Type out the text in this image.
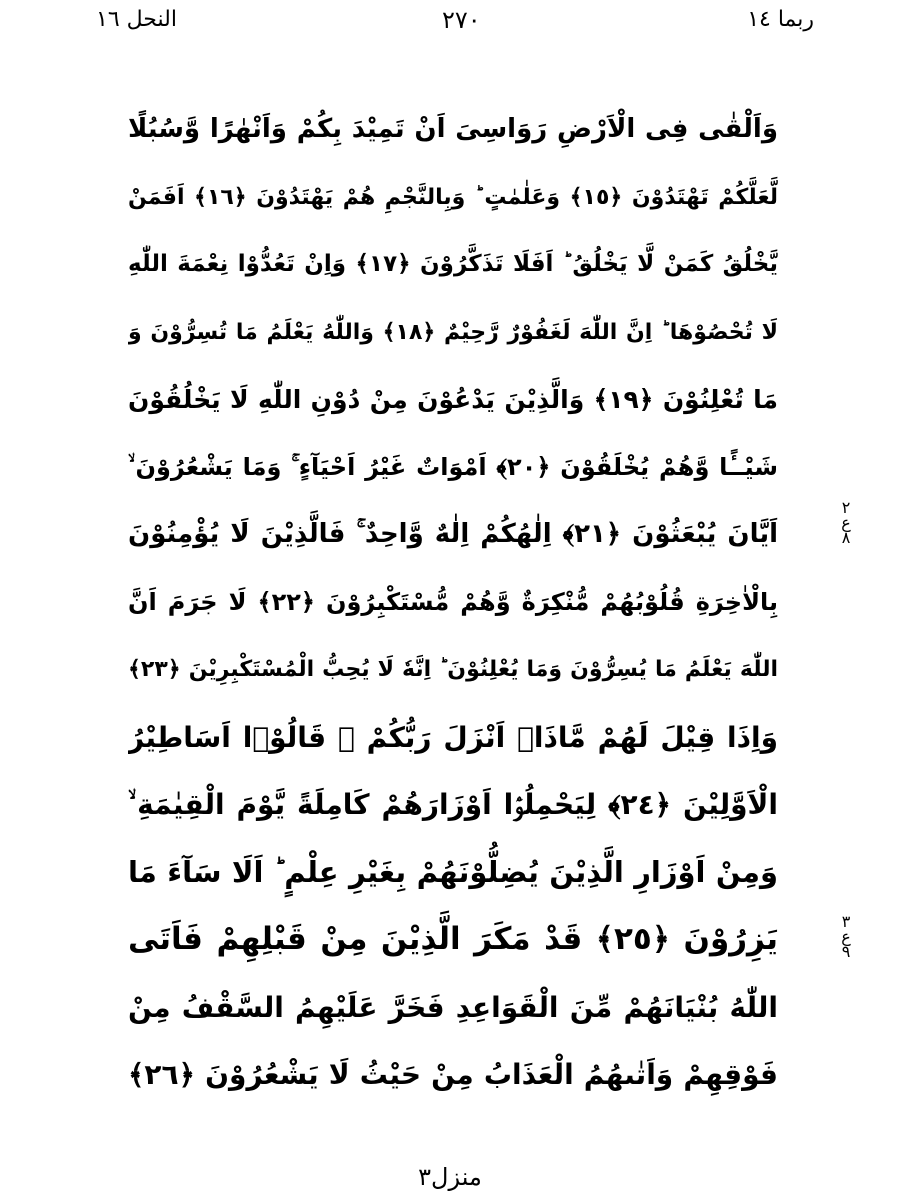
النحل ١٦	٢٧٠	ربما ١٤
وَاَلْقٰى فِی الْاَرْضِ رَوَاسِیَ اَنْ تَمِیْدَ بِكُمْ وَاَنْهٰرًا وَّسُبُلًا
لَّعَلَّكُمْ تَهْتَدُوْنَ ﴿١٥﴾ وَعَلٰمٰتٍ ؕ وَبِالنَّجْمِ هُمْ یَهْتَدُوْنَ ﴿١٦﴾ اَفَمَنْ
یَّخْلُقُ كَمَنْ لَّا یَخْلُقُ ؕ اَفَلَا تَذَكَّرُوْنَ ﴿١٧﴾ وَاِنْ تَعُدُّوْا نِعْمَةَ اللّٰهِ
لَا تُحْصُوْهَا ؕ اِنَّ اللّٰهَ لَغَفُوْرٌ رَّحِیْمٌ ﴿١٨﴾ وَاللّٰهُ یَعْلَمُ مَا تُسِرُّوْنَ وَ
مَا تُعْلِنُوْنَ ﴿١٩﴾ وَالَّذِیْنَ یَدْعُوْنَ مِنْ دُوْنِ اللّٰهِ لَا یَخْلُقُوْنَ
شَیْــًٔا وَّهُمْ یُخْلَقُوْنَ ﴿٢٠﴾ اَمْوَاتٌ غَیْرُ اَحْیَآءٍ ۚ وَمَا یَشْعُرُوْنَ ۙ
اَیَّانَ یُبْعَثُوْنَ ﴿٢١﴾ اِلٰهُكُمْ اِلٰهٌ وَّاحِدٌ ۚ فَالَّذِیْنَ لَا یُؤْمِنُوْنَ
بِالْاٰخِرَةِ قُلُوْبُهُمْ مُّنْكِرَةٌ وَّهُمْ مُّسْتَكْبِرُوْنَ ﴿٢٢﴾ لَا جَرَمَ اَنَّ
اللّٰهَ یَعْلَمُ مَا یُسِرُّوْنَ وَمَا یُعْلِنُوْنَ ؕ اِنَّهٗ لَا یُحِبُّ الْمُسْتَكْبِرِیْنَ ﴿٢٣﴾
وَاِذَا قِیْلَ لَهُمْ مَّاذَاۤ اَنْزَلَ رَبُّكُمْ ۙ قَالُوْۤا اَسَاطِیْرُ
الْاَوَّلِیْنَ ﴿٢٤﴾ لِیَحْمِلُوْۤا اَوْزَارَهُمْ كَامِلَةً یَّوْمَ الْقِیٰمَةِ ۙ
وَمِنْ اَوْزَارِ الَّذِیْنَ یُضِلُّوْنَهُمْ بِغَیْرِ عِلْمٍ ؕ اَلَا سَآءَ مَا
یَزِرُوْنَ ﴿٢٥﴾ قَدْ مَكَرَ الَّذِیْنَ مِنْ قَبْلِهِمْ فَاَتَى
اللّٰهُ بُنْیَانَهُمْ مِّنَ الْقَوَاعِدِ فَخَرَّ عَلَیْهِمُ السَّقْفُ مِنْ
فَوْقِهِمْ وَاَتٰىهُمُ الْعَذَابُ مِنْ حَیْثُ لَا یَشْعُرُوْنَ ﴿٢٦﴾
٢
ع
٨
٣
ع
٩
منزل٣
